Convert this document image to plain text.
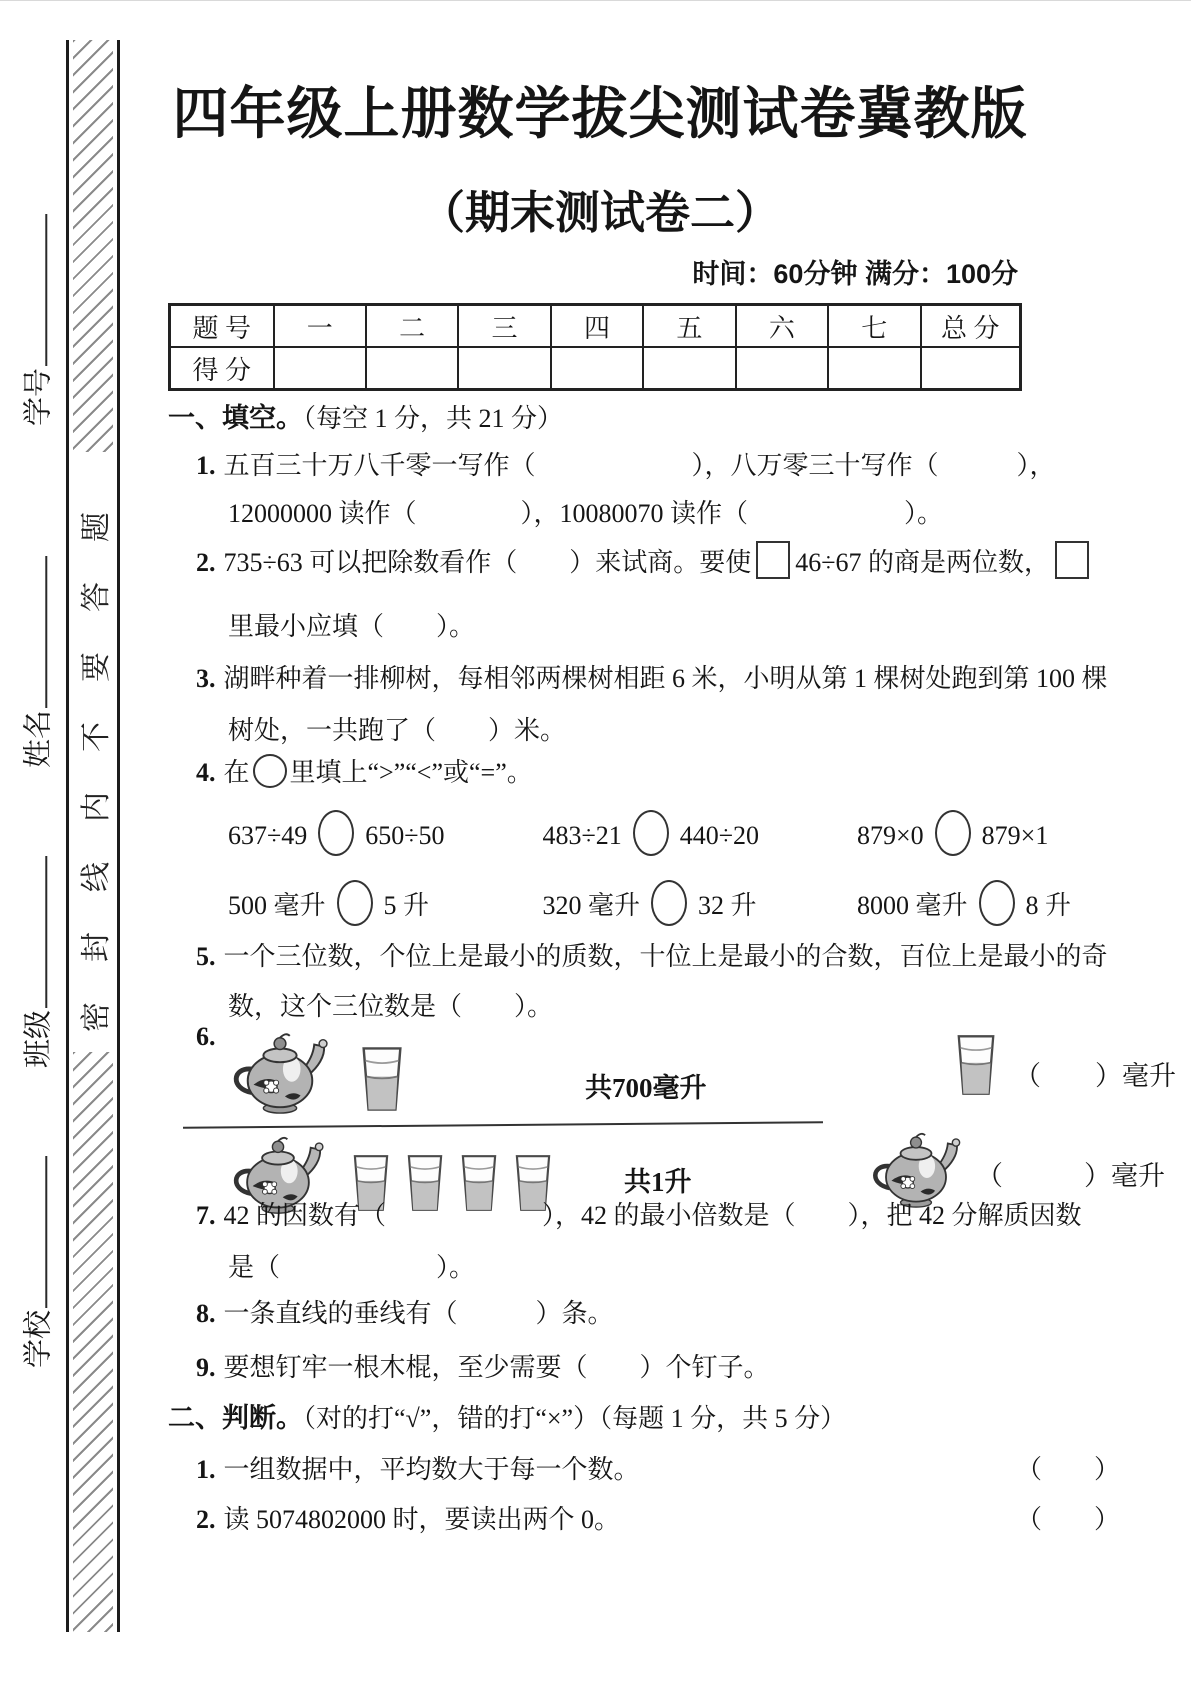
学号
姓名
班级
学校
密封线内不要答题
四年级上册数学拔尖测试卷冀教版
（期末测试卷二）
时间：60分钟 满分：100分
题 号	一	二	三	四	五	六	七	总 分
得 分								
一、填空。（每空 1 分，共 21 分）
1. 五百三十万八千零一写作（　　　　　　），八万零三十写作（　　　），
12000000 读作（　　　　），10080070 读作（　　　　　　）。
2. 735÷63 可以把除数看作（　　）来试商。要使 46÷67 的商是两位数，
里最小应填（　　）。
3. 湖畔种着一排柳树，每相邻两棵树相距 6 米，小明从第 1 棵树处跑到第 100 棵
树处，一共跑了（　　）米。
4. 在 里填上“>”“<”或“=”。
637÷49 650÷50	483÷21 440÷20	879×0 879×1
500 毫升 5 升	320 毫升 32 升	8000 毫升 8 升
5. 一个三位数，个位上是最小的质数，十位上是最小的合数，百位上是最小的奇
数，这个三位数是（　　）。
6.
共700毫升	（　　）毫升
共1升	（　　　）毫升
7. 42 的因数有（　　　　　　），42 的最小倍数是（　　），把 42 分解质因数
是（　　　　　　）。
8. 一条直线的垂线有（　　　）条。
9. 要想钉牢一根木棍，至少需要（　　）个钉子。
二、判断。（对的打“√”，错的打“×”）（每题 1 分，共 5 分）
1. 一组数据中，平均数大于每一个数。	（　　）
2. 读 5074802000 时，要读出两个 0。	（　　）
